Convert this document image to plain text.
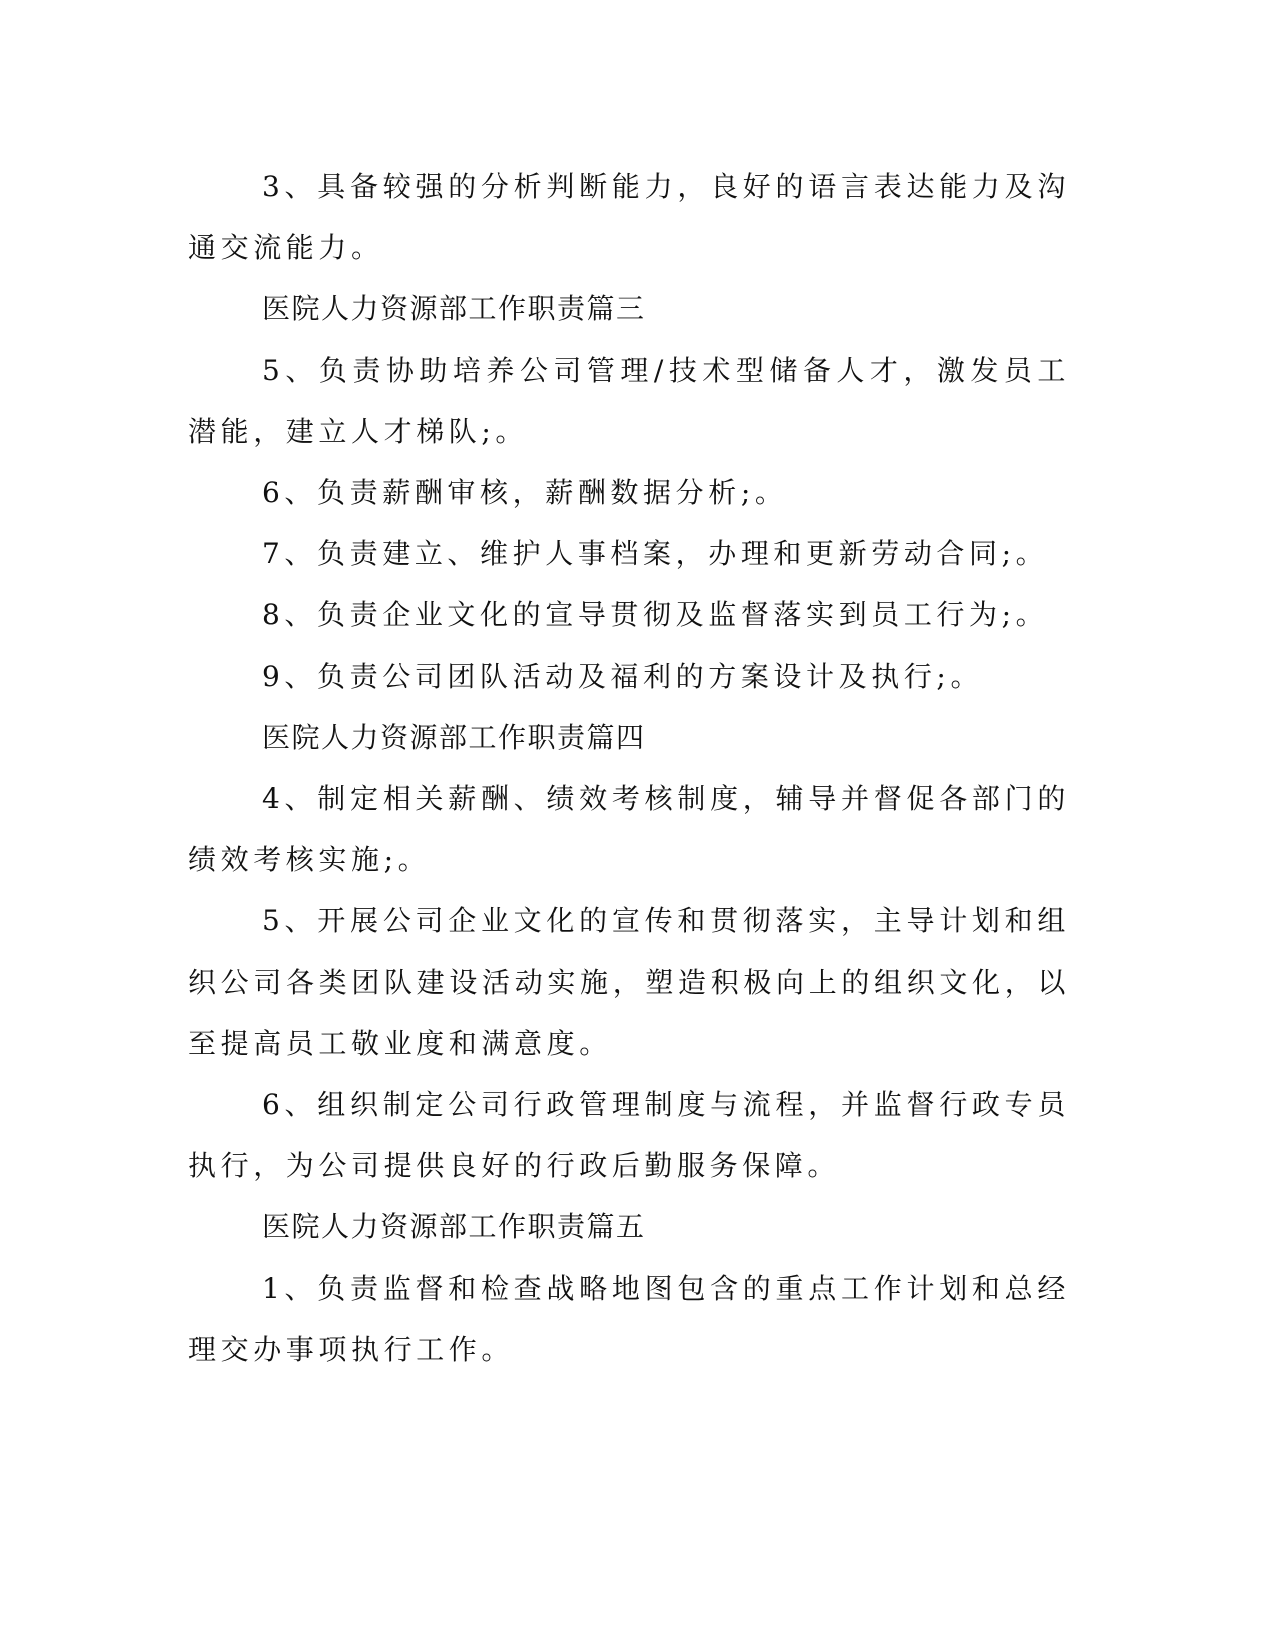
3、具备较强的分析判断能力，良好的语言表达能力及沟通交流能力。

医院人力资源部工作职责篇三

5、负责协助培养公司管理/技术型储备人才，激发员工潜能，建立人才梯队;。

6、负责薪酬审核，薪酬数据分析;。

7、负责建立、维护人事档案，办理和更新劳动合同;。

8、负责企业文化的宣导贯彻及监督落实到员工行为;。

9、负责公司团队活动及福利的方案设计及执行;。

医院人力资源部工作职责篇四

4、制定相关薪酬、绩效考核制度，辅导并督促各部门的绩效考核实施;。

5、开展公司企业文化的宣传和贯彻落实，主导计划和组织公司各类团队建设活动实施，塑造积极向上的组织文化，以至提高员工敬业度和满意度。

6、组织制定公司行政管理制度与流程，并监督行政专员执行，为公司提供良好的行政后勤服务保障。

医院人力资源部工作职责篇五

1、负责监督和检查战略地图包含的重点工作计划和总经理交办事项执行工作。
